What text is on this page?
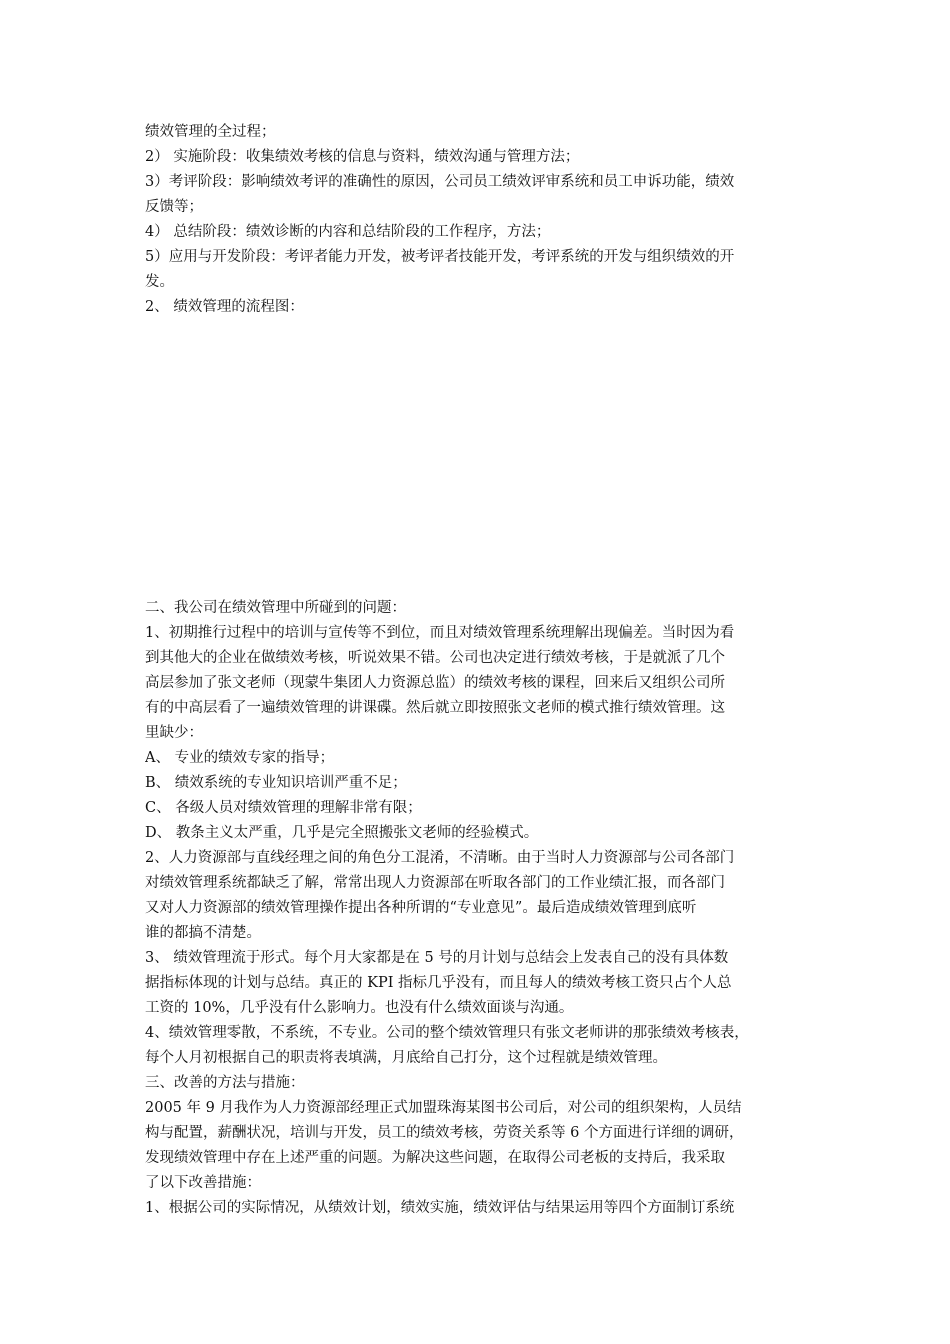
绩效管理的全过程；
2） 实施阶段：收集绩效考核的信息与资料，绩效沟通与管理方法；
3）考评阶段：影响绩效考评的准确性的原因，公司员工绩效评审系统和员工申诉功能，绩效
反馈等；
4） 总结阶段：绩效诊断的内容和总结阶段的工作程序，方法；
5）应用与开发阶段：考评者能力开发，被考评者技能开发，考评系统的开发与组织绩效的开
发。
2、 绩效管理的流程图：
二、我公司在绩效管理中所碰到的问题：
1、初期推行过程中的培训与宣传等不到位，而且对绩效管理系统理解出现偏差。当时因为看
到其他大的企业在做绩效考核，听说效果不错。公司也决定进行绩效考核，于是就派了几个
高层参加了张文老师（现蒙牛集团人力资源总监）的绩效考核的课程，回来后又组织公司所
有的中高层看了一遍绩效管理的讲课碟。然后就立即按照张文老师的模式推行绩效管理。这
里缺少：
A、 专业的绩效专家的指导；
B、 绩效系统的专业知识培训严重不足；
C、 各级人员对绩效管理的理解非常有限；
D、 教条主义太严重，几乎是完全照搬张文老师的经验模式。
2、人力资源部与直线经理之间的角色分工混淆，不清晰。由于当时人力资源部与公司各部门
对绩效管理系统都缺乏了解，常常出现人力资源部在听取各部门的工作业绩汇报，而各部门
又对人力资源部的绩效管理操作提出各种所谓的“专业意见”。最后造成绩效管理到底听
谁的都搞不清楚。
3、 绩效管理流于形式。每个月大家都是在 5 号的月计划与总结会上发表自己的没有具体数
据指标体现的计划与总结。真正的 KPI 指标几乎没有，而且每人的绩效考核工资只占个人总
工资的 10%，几乎没有什么影响力。也没有什么绩效面谈与沟通。
4、绩效管理零散，不系统，不专业。公司的整个绩效管理只有张文老师讲的那张绩效考核表，
每个人月初根据自己的职责将表填满，月底给自己打分，这个过程就是绩效管理。
三、改善的方法与措施：
2005 年 9 月我作为人力资源部经理正式加盟珠海某图书公司后，对公司的组织架构，人员结
构与配置，薪酬状况，培训与开发，员工的绩效考核，劳资关系等 6 个方面进行详细的调研，
发现绩效管理中存在上述严重的问题。为解决这些问题，在取得公司老板的支持后，我采取
了以下改善措施：
1、根据公司的实际情况，从绩效计划，绩效实施，绩效评估与结果运用等四个方面制订系统
